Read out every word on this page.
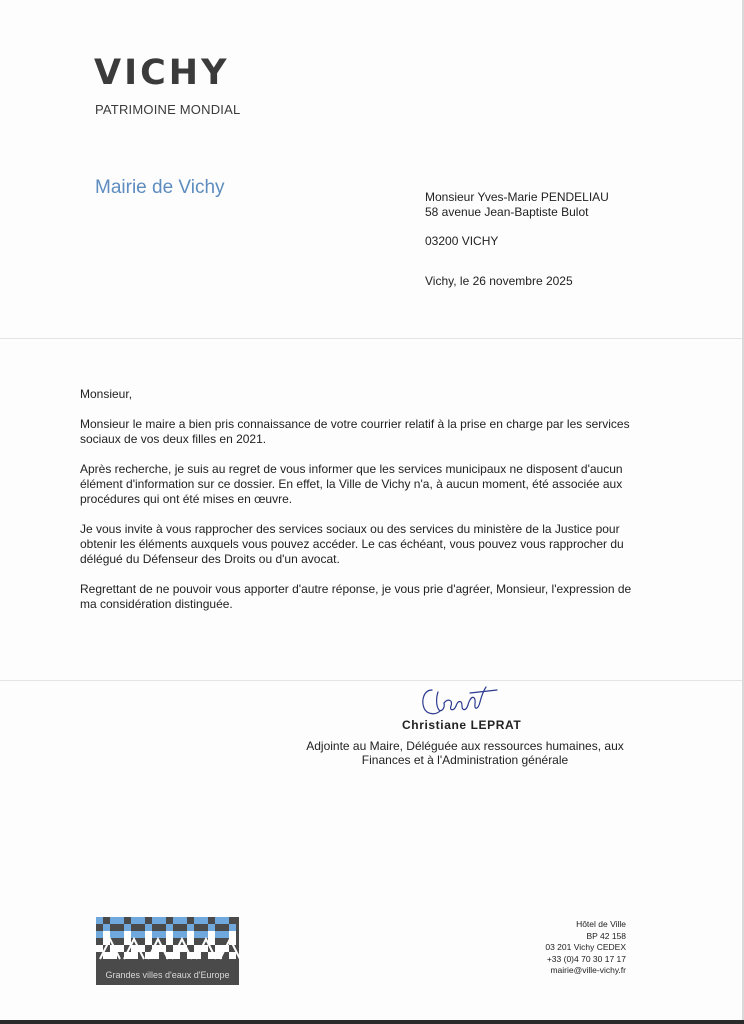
VICHY
PATRIMOINE MONDIAL
Mairie de Vichy	Monsieur Yves-Marie PENDELIAU
58 avenue Jean-Baptiste Bulot

03200 VICHY
Vichy, le 26 novembre 2025

Monsieur,

Monsieur le maire a bien pris connaissance de votre courrier relatif à la prise en charge par les services sociaux de vos deux filles en 2021.

Après recherche, je suis au regret de vous informer que les services municipaux ne disposent d'aucun élément d'information sur ce dossier. En effet, la Ville de Vichy n'a, à aucun moment, été associée aux procédures qui ont été mises en œuvre.

Je vous invite à vous rapprocher des services sociaux ou des services du ministère de la Justice pour obtenir les éléments auxquels vous pouvez accéder. Le cas échéant, vous pouvez vous rapprocher du délégué du Défenseur des Droits ou d'un avocat.

Regrettant de ne pouvoir vous apporter d'autre réponse, je vous prie d'agréer, Monsieur, l'expression de ma considération distinguée.

Christiane LEPRAT
Adjointe au Maire, Déléguée aux ressources humaines, aux
Finances et à l'Administration générale
Grandes villes d'eaux d'Europe
Hôtel de Ville
BP 42 158
03 201 Vichy CEDEX
+33 (0)4 70 30 17 17
mairie@ville-vichy.fr
